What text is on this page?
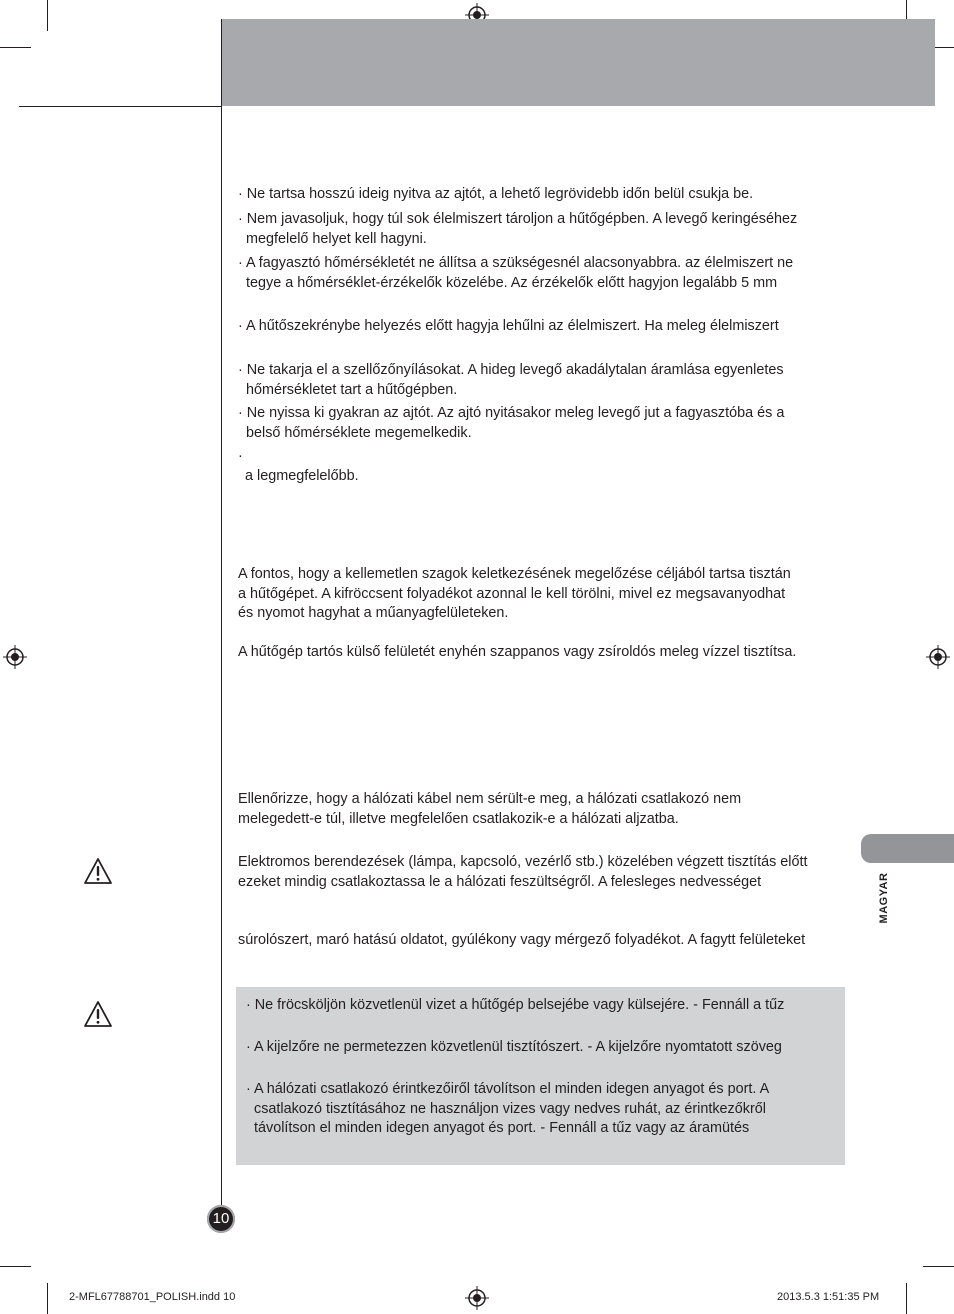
· Ne tartsa hosszú ideig nyitva az ajtót, a lehető legrövidebb időn belül csukja be.
· Nem javasoljuk, hogy túl sok élelmiszert tároljon a hűtőgépben. A levegő keringéséhez
megfelelő helyet kell hagyni.
· A fagyasztó hőmérsékletét ne állítsa a szükségesnél alacsonyabbra. az élelmiszert ne
tegye a hőmérséklet-érzékelők közelébe. Az érzékelők előtt hagyjon legalább 5 mm
· A hűtőszekrénybe helyezés előtt hagyja lehűlni az élelmiszert. Ha meleg élelmiszert
· Ne takarja el a szellőzőnyílásokat. A hideg levegő akadálytalan áramlása egyenletes
hőmérsékletet tart a hűtőgépben.
· Ne nyissa ki gyakran az ajtót. Az ajtó nyitásakor meleg levegő jut a fagyasztóba és a
belső hőmérséklete megemelkedik.
·
a legmegfelelőbb.
A fontos, hogy a kellemetlen szagok keletkezésének megelőzése céljából tartsa tisztán
a hűtőgépet. A kifröccsent folyadékot azonnal le kell törölni, mivel ez megsavanyodhat
és nyomot hagyhat a műanyagfelületeken.
A hűtőgép tartós külső felületét enyhén szappanos vagy zsíroldós meleg vízzel tisztítsa.
Ellenőrizze, hogy a hálózati kábel nem sérült-e meg, a hálózati csatlakozó nem
melegedett-e túl, illetve megfelelően csatlakozik-e a hálózati aljzatba.
Elektromos berendezések (lámpa, kapcsoló, vezérlő stb.) közelében végzett tisztítás előtt
ezeket mindig csatlakoztassa le a hálózati feszültségről. A felesleges nedvességet
súrolószert, maró hatású oldatot, gyúlékony vagy mérgező folyadékot. A fagytt felületeket
· Ne fröcsköljön közvetlenül vizet a hűtőgép belsejébe vagy külsejére. - Fennáll a tűz
· A kijelzőre ne permetezzen közvetlenül tisztítószert. - A kijelzőre nyomtatott szöveg
· A hálózati csatlakozó érintkezőiről távolítson el minden idegen anyagot és port. A
csatlakozó tisztításához ne használjon vizes vagy nedves ruhát, az érintkezőkről
távolítson el minden idegen anyagot és port. - Fennáll a tűz vagy az áramütés
MAGYAR
10
2-MFL67788701_POLISH.indd 10	2013.5.3 1:51:35 PM
